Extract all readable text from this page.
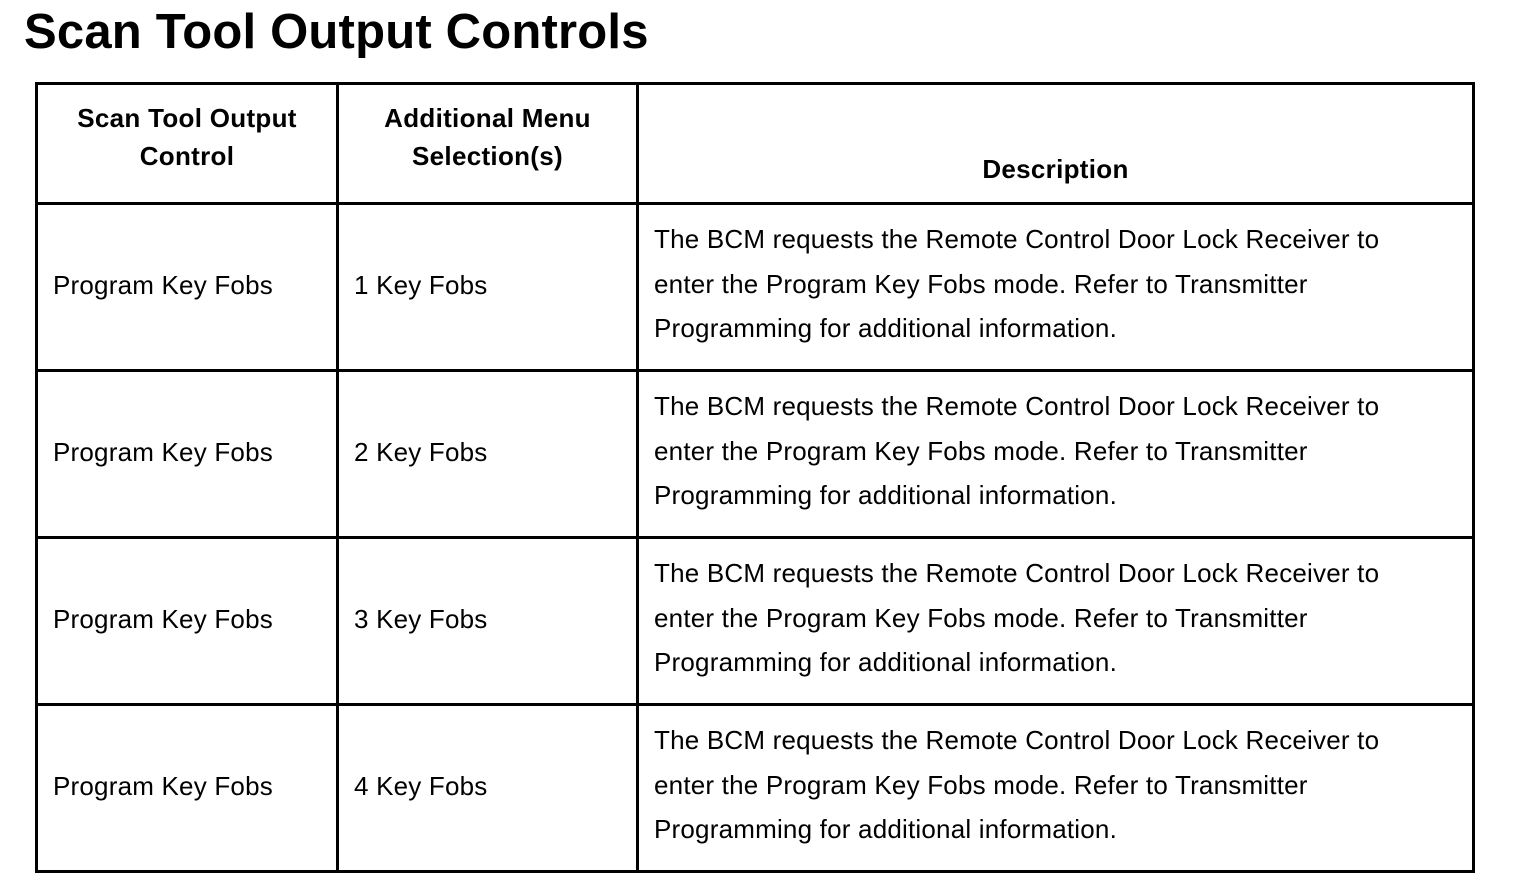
Scan Tool Output Controls
Scan Tool Output Control	Additional Menu Selection(s)	Description
Program Key Fobs	1 Key Fobs	The BCM requests the Remote Control Door Lock Receiver to enter the Program Key Fobs mode. Refer to Transmitter Programming for additional information.
Program Key Fobs	2 Key Fobs	The BCM requests the Remote Control Door Lock Receiver to enter the Program Key Fobs mode. Refer to Transmitter Programming for additional information.
Program Key Fobs	3 Key Fobs	The BCM requests the Remote Control Door Lock Receiver to enter the Program Key Fobs mode. Refer to Transmitter Programming for additional information.
Program Key Fobs	4 Key Fobs	The BCM requests the Remote Control Door Lock Receiver to enter the Program Key Fobs mode. Refer to Transmitter Programming for additional information.
